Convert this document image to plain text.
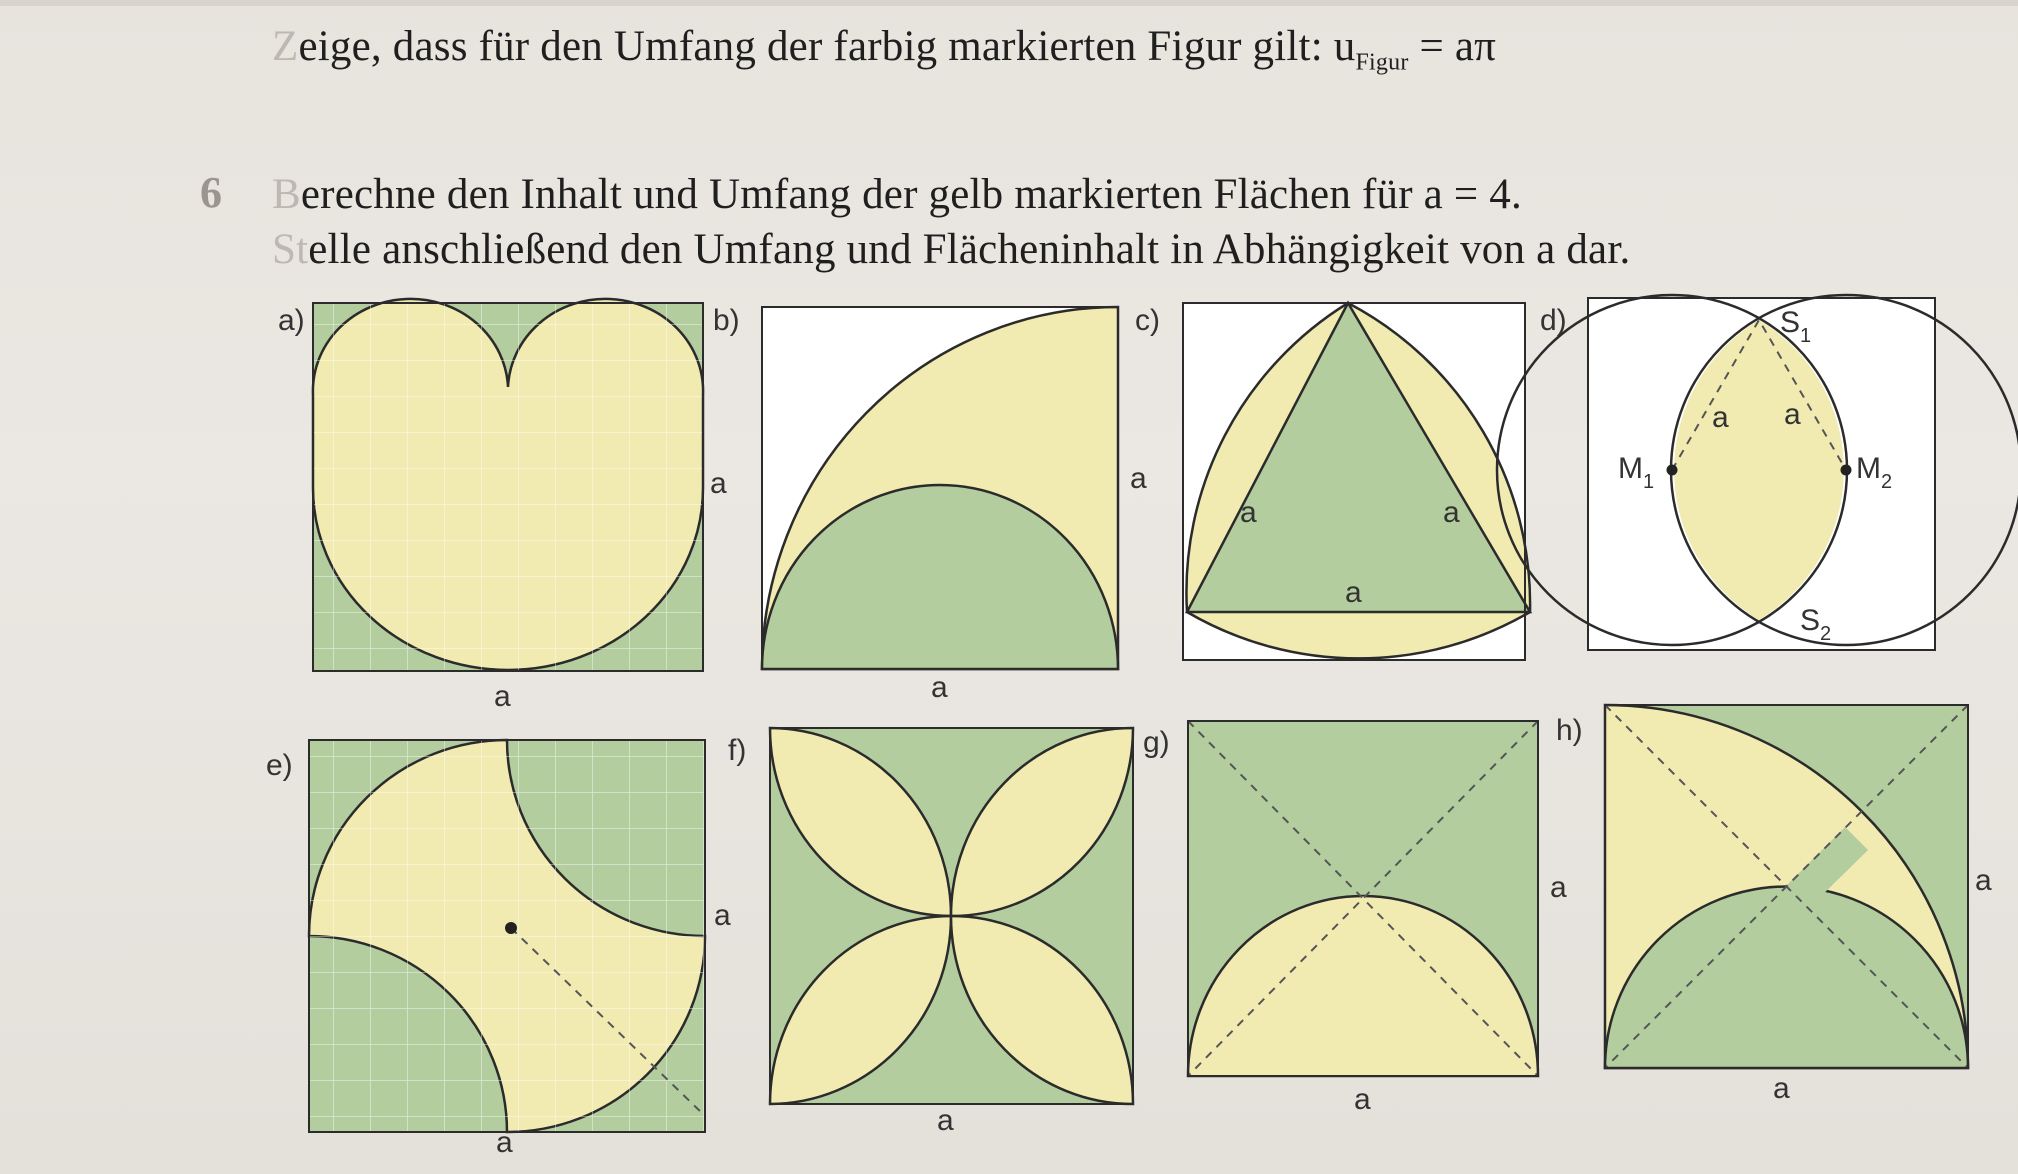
Zeige, dass für den Umfang der farbig markierten Figur gilt: $u_{Figur} = a\pi$
6 Berechne den Inhalt und Umfang der gelb markierten Flächen für a = 4.
Stelle anschließend den Umfang und Flächeninhalt in Abhängigkeit von a dar.
a)
a
a
b)
a
a
c)
a	a
a
d)	$S_1$
$S_2$
$M_1$	$M_2$
a a
e)
a
a
f)
a
g)
a
a
h)
a
a
